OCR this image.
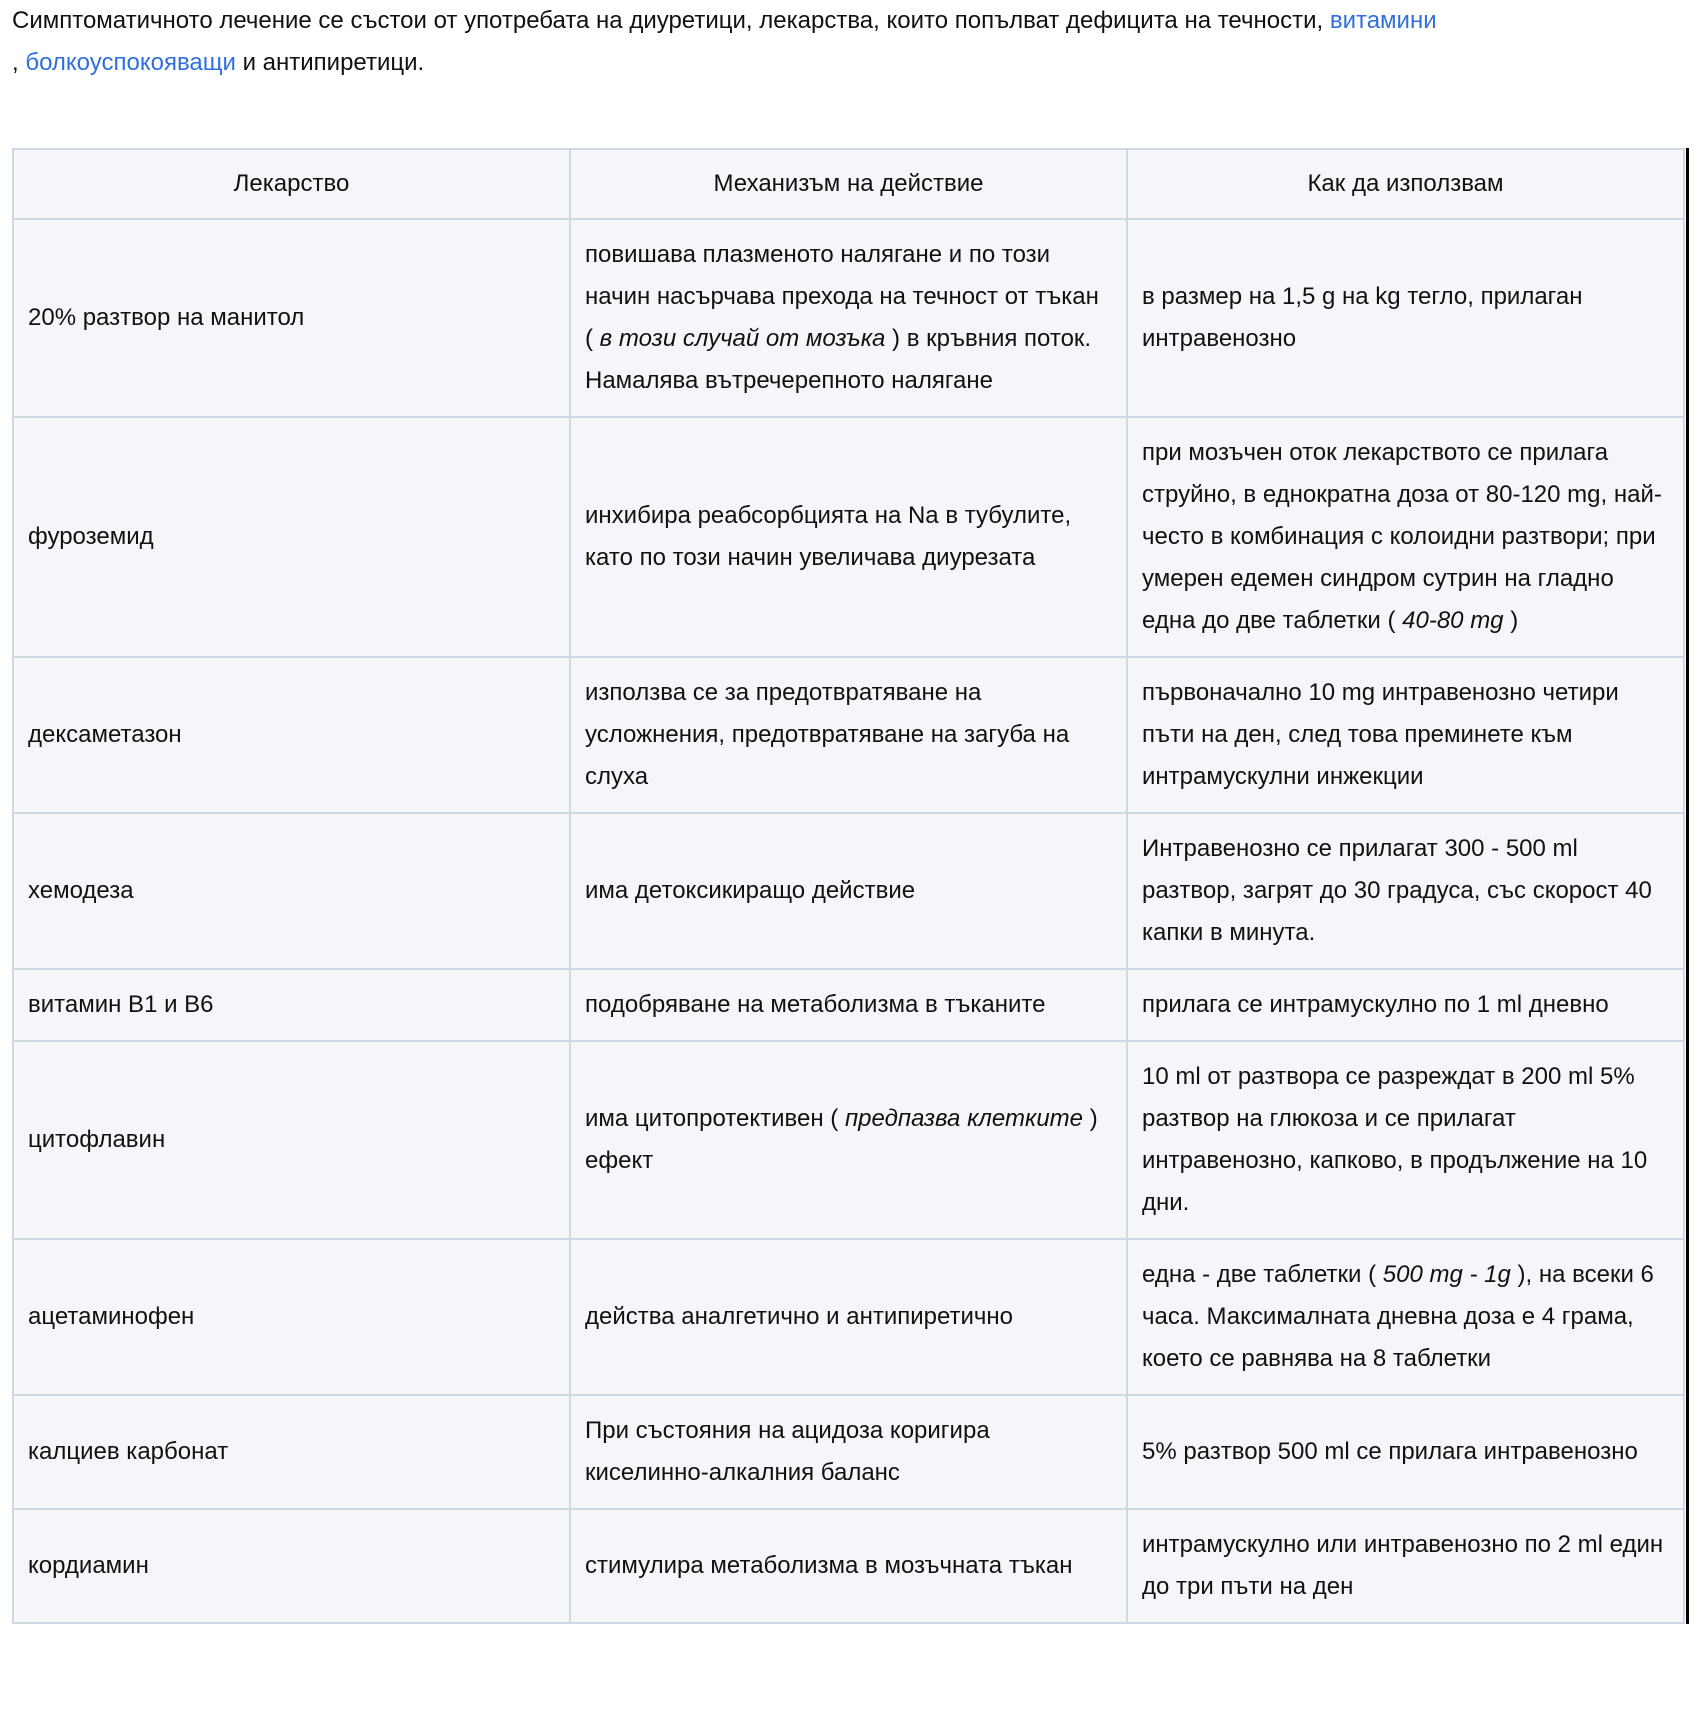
Симптоматичното лечение се състои от употребата на диуретици, лекарства, които попълват дефицита на течности, витамини
, болкоуспокояващи и антипиретици.

Лекарство	Механизъм на действие	Как да използвам
20% разтвор на манитол	повишава плазменото налягане и по този начин насърчава прехода на течност от тъкан ( в този случай от мозъка ) в кръвния поток. Намалява вътречерепното налягане	в размер на 1,5 g на kg тегло, прилаган интравенозно
фуроземид	инхибира реабсорбцията на Na в тубулите, като по този начин увеличава диурезата	при мозъчен оток лекарството се прилага струйно, в еднократна доза от 80-120 mg, най-често в комбинация с колоидни разтвори; при умерен едемен синдром сутрин на гладно една до две таблетки ( 40-80 mg )
дексаметазон	използва се за предотвратяване на усложнения, предотвратяване на загуба на слуха	първоначално 10 mg интравенозно четири пъти на ден, след това преминете към интрамускулни инжекции
хемодеза	има детоксикиращо действие	Интравенозно се прилагат 300 - 500 ml разтвор, загрят до 30 градуса, със скорост 40 капки в минута.
витамин В1 и В6	подобряване на метаболизма в тъканите	прилага се интрамускулно по 1 ml дневно
цитофлавин	има цитопротективен ( предпазва клетките ) ефект	10 ml от разтвора се разреждат в 200 ml 5% разтвор на глюкоза и се прилагат интравенозно, капково, в продължение на 10 дни.
ацетаминофен	действа аналгетично и антипиретично	една - две таблетки ( 500 mg - 1g ), на всеки 6 часа. Максималната дневна доза е 4 грама, което се равнява на 8 таблетки
калциев карбонат	При състояния на ацидоза коригира киселинно-алкалния баланс	5% разтвор 500 ml се прилага интравенозно
кордиамин	стимулира метаболизма в мозъчната тъкан	интрамускулно или интравенозно по 2 ml един до три пъти на ден
